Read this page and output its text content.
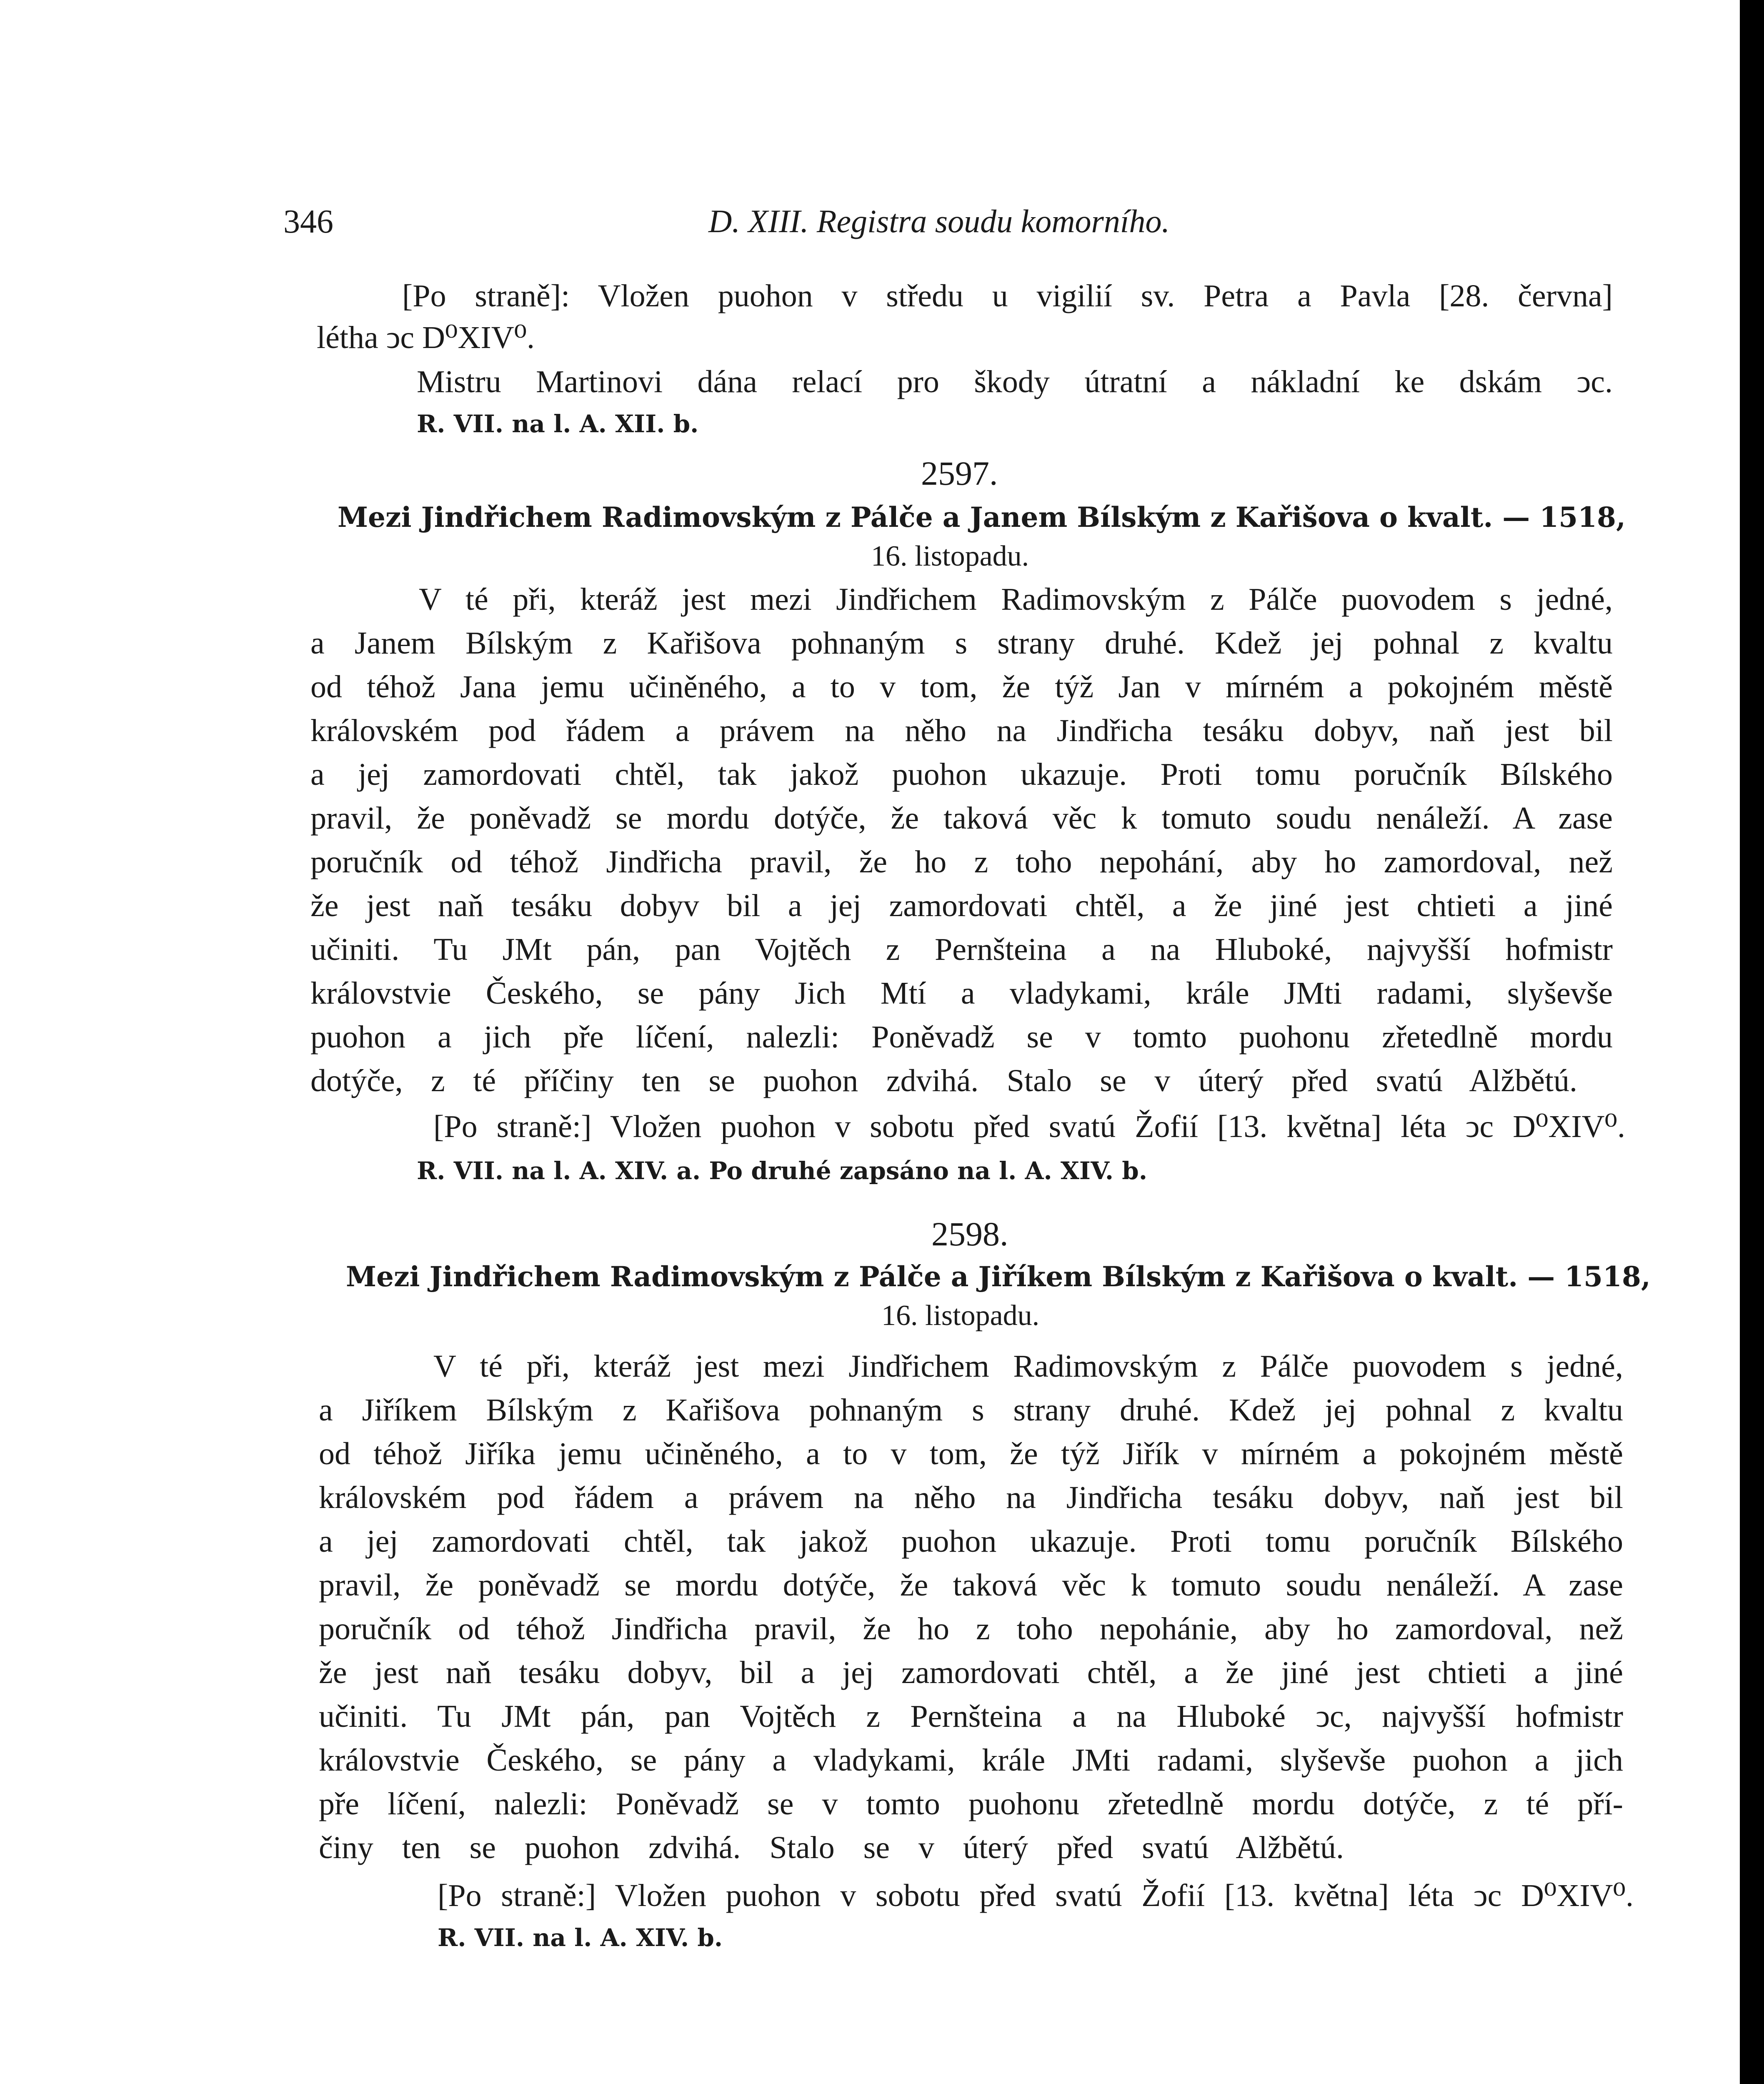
346	D. XIII. Registra soudu komorního.
[Po straně]: Vložen puohon v středu u vigilií sv. Petra a Pavla [28. června]
létha ͻc D⁰XIV⁰.
Mistru Martinovi dána relací pro škody útratní a nákladní ke dskám ͻc.
R. VII. na l. A. XII. b.
2597.
Mezi Jindřichem Radimovským z Pálče a Janem Bílským z Kařišova o kvalt. — 1518,
16. listopadu.
V té při, kteráž jest mezi Jindřichem Radimovským z Pálče puovodem s jedné,
a Janem Bílským z Kařišova pohnaným s strany druhé. Kdež jej pohnal z kvaltu
od téhož Jana jemu učiněného, a to v tom, že týž Jan v mírném a pokojném městě
královském pod řádem a právem na něho na Jindřicha tesáku dobyv, naň jest bil
a jej zamordovati chtěl, tak jakož puohon ukazuje. Proti tomu poručník Bílského
pravil, že poněvadž se mordu dotýče, že taková věc k tomuto soudu nenáleží. A zase
poručník od téhož Jindřicha pravil, že ho z toho nepohání, aby ho zamordoval, než
že jest naň tesáku dobyv bil a jej zamordovati chtěl, a že jiné jest chtieti a jiné
učiniti. Tu JMt pán, pan Vojtěch z Pernšteina a na Hluboké, najvyšší hofmistr
královstvie Českého, se pány Jich Mtí a vladykami, krále JMti radami, slyševše
puohon a jich pře líčení, nalezli: Poněvadž se v tomto puohonu zřetedlně mordu
dotýče, z té příčiny ten se puohon zdvihá. Stalo se v úterý před svatú Alžbětú.
[Po straně:] Vložen puohon v sobotu před svatú Žofií [13. května] léta ͻc D⁰XIV⁰.
R. VII. na l. A. XIV. a. Po druhé zapsáno na l. A. XIV. b.
2598.
Mezi Jindřichem Radimovským z Pálče a Jiříkem Bílským z Kařišova o kvalt. — 1518,
16. listopadu.
V té při, kteráž jest mezi Jindřichem Radimovským z Pálče puovodem s jedné,
a Jiříkem Bílským z Kařišova pohnaným s strany druhé. Kdež jej pohnal z kvaltu
od téhož Jiříka jemu učiněného, a to v tom, že týž Jiřík v mírném a pokojném městě
královském pod řádem a právem na něho na Jindřicha tesáku dobyv, naň jest bil
a jej zamordovati chtěl, tak jakož puohon ukazuje. Proti tomu poručník Bílského
pravil, že poněvadž se mordu dotýče, že taková věc k tomuto soudu nenáleží. A zase
poručník od téhož Jindřicha pravil, že ho z toho nepohánie, aby ho zamordoval, než
že jest naň tesáku dobyv, bil a jej zamordovati chtěl, a že jiné jest chtieti a jiné
učiniti. Tu JMt pán, pan Vojtěch z Pernšteina a na Hluboké ͻc, najvyšší hofmistr
královstvie Českého, se pány a vladykami, krále JMti radami, slyševše puohon a jich
pře líčení, nalezli: Poněvadž se v tomto puohonu zřetedlně mordu dotýče, z té pří-
činy ten se puohon zdvihá. Stalo se v úterý před svatú Alžbětú.
[Po straně:] Vložen puohon v sobotu před svatú Žofií [13. května] léta ͻc D⁰XIV⁰.
R. VII. na l. A. XIV. b.
